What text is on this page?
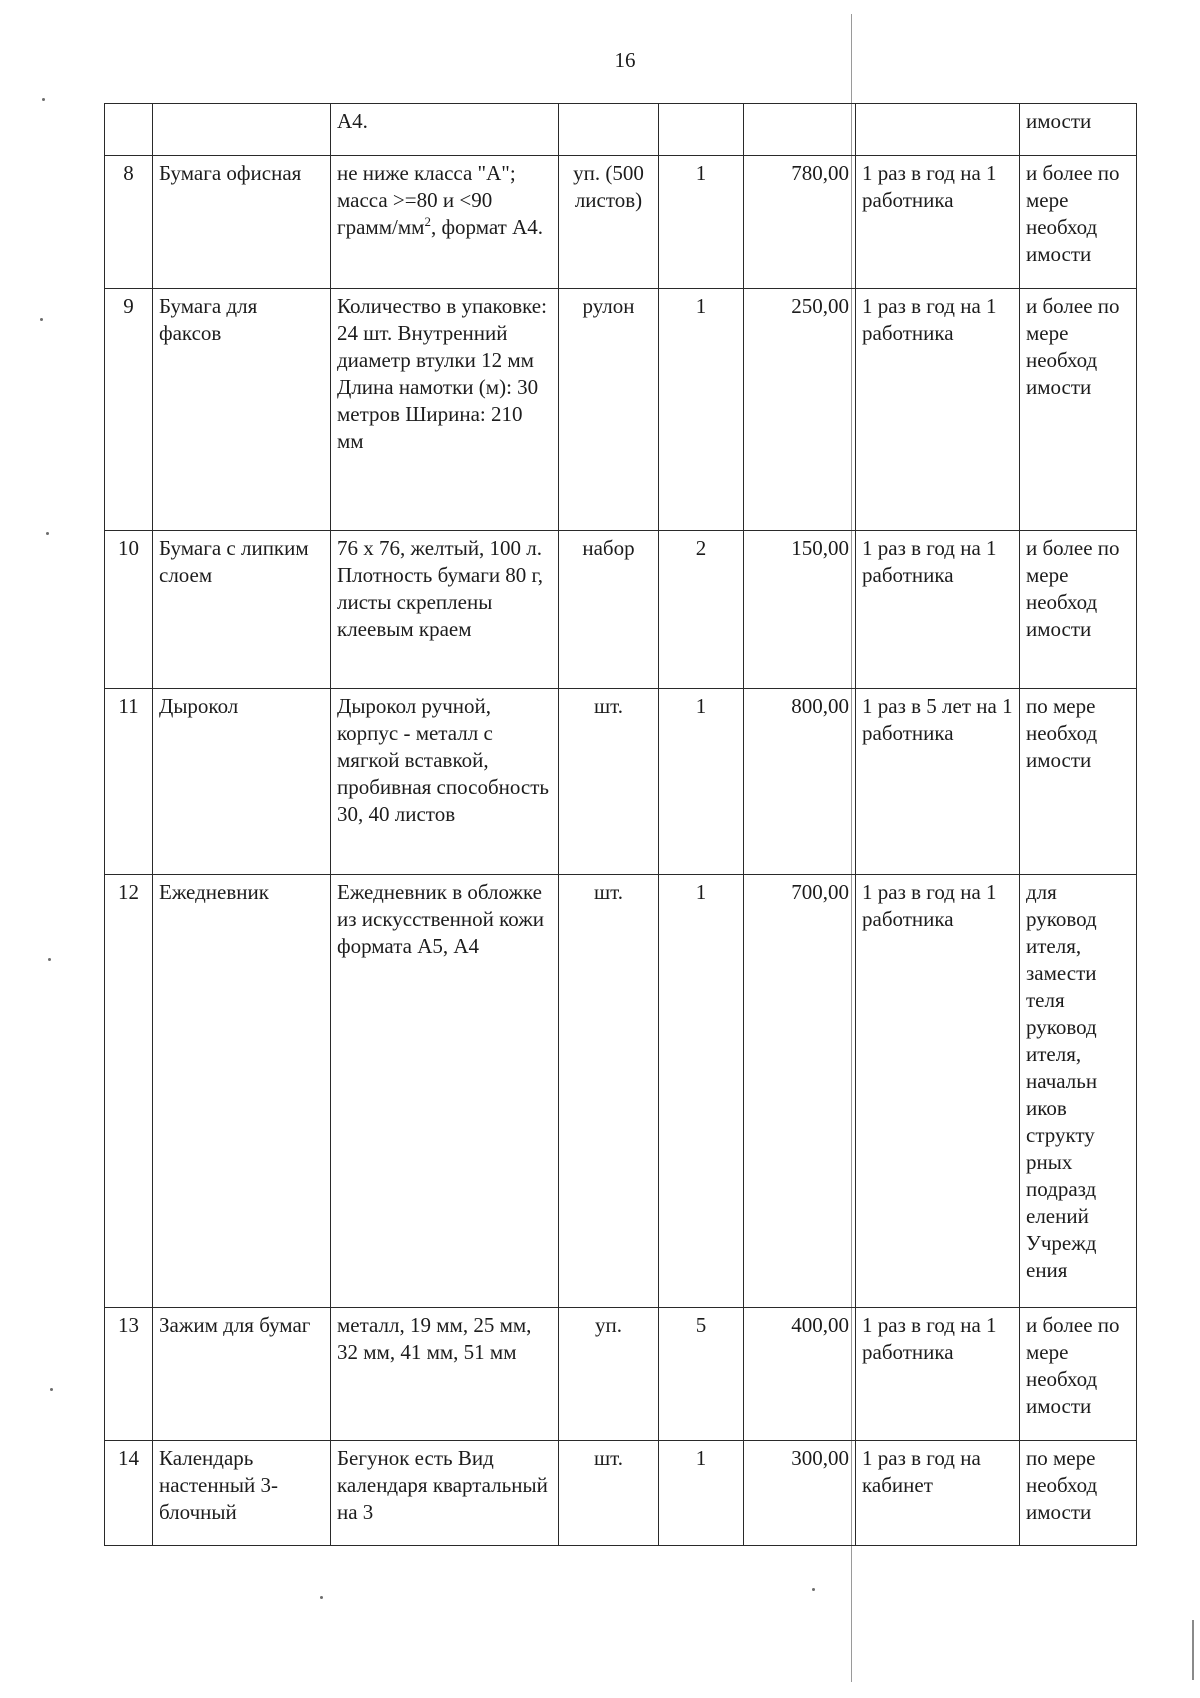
16
		А4.					имости
8	Бумага офисная	не ниже класса "А"; масса >=80 и <90 грамм/$мм^2$, формат А4.	уп. (500 листов)	1	780,00	1 раз в год на 1 работника	и более по мере необход имости
9	Бумага для факсов	Количество в упаковке: 24 шт. Внутренний диаметр втулки 12 мм Длина намотки (м): 30 метров Ширина: 210 мм	рулон	1	250,00	1 раз в год на 1 работника	и более по мере необход имости
10	Бумага с липким слоем	76 х 76, желтый, 100 л. Плотность бумаги 80 г, листы скреплены клеевым краем	набор	2	150,00	1 раз в год на 1 работника	и более по мере необход имости
11	Дырокол	Дырокол ручной, корпус - металл с мягкой вставкой, пробивная способность 30, 40 листов	шт.	1	800,00	1 раз в 5 лет на 1 работника	по мере необход имости
12	Ежедневник	Ежедневник в обложке из искусственной кожи формата А5, А4	шт.	1	700,00	1 раз в год на 1 работника	для руковод ителя, замести теля руковод ителя, начальн иков структу рных подразд елений Учрежд ения
13	Зажим для бумаг	металл, 19 мм, 25 мм, 32 мм, 41 мм, 51 мм	уп.	5	400,00	1 раз в год на 1 работника	и более по мере необход имости
14	Календарь настенный 3-блочный	Бегунок есть Вид календаря квартальный на 3	шт.	1	300,00	1 раз в год на кабинет	по мере необход имости
